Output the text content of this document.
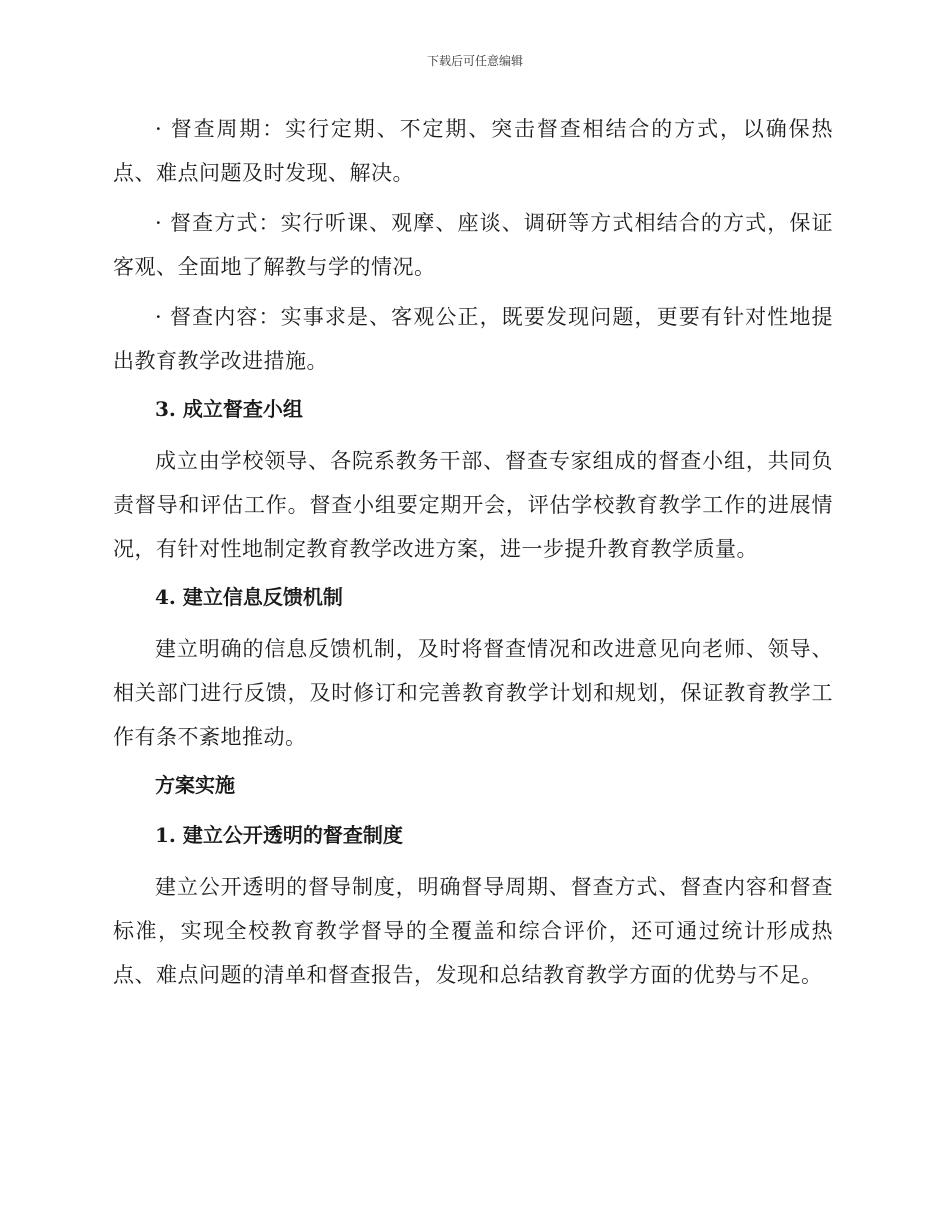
下载后可任意编辑

· 督查周期：实行定期、不定期、突击督查相结合的方式，以确保热点、难点问题及时发现、解决。

· 督查方式：实行听课、观摩、座谈、调研等方式相结合的方式，保证客观、全面地了解教与学的情况。

· 督查内容：实事求是、客观公正，既要发现问题，更要有针对性地提出教育教学改进措施。

3. 成立督查小组

成立由学校领导、各院系教务干部、督查专家组成的督查小组，共同负责督导和评估工作。督查小组要定期开会，评估学校教育教学工作的进展情况，有针对性地制定教育教学改进方案，进一步提升教育教学质量。

4. 建立信息反馈机制

建立明确的信息反馈机制，及时将督查情况和改进意见向老师、领导、相关部门进行反馈，及时修订和完善教育教学计划和规划，保证教育教学工作有条不紊地推动。

方案实施
1. 建立公开透明的督查制度

建立公开透明的督导制度，明确督导周期、督查方式、督查内容和督查标准，实现全校教育教学督导的全覆盖和综合评价，还可通过统计形成热点、难点问题的清单和督查报告，发现和总结教育教学方面的优势与不足。
